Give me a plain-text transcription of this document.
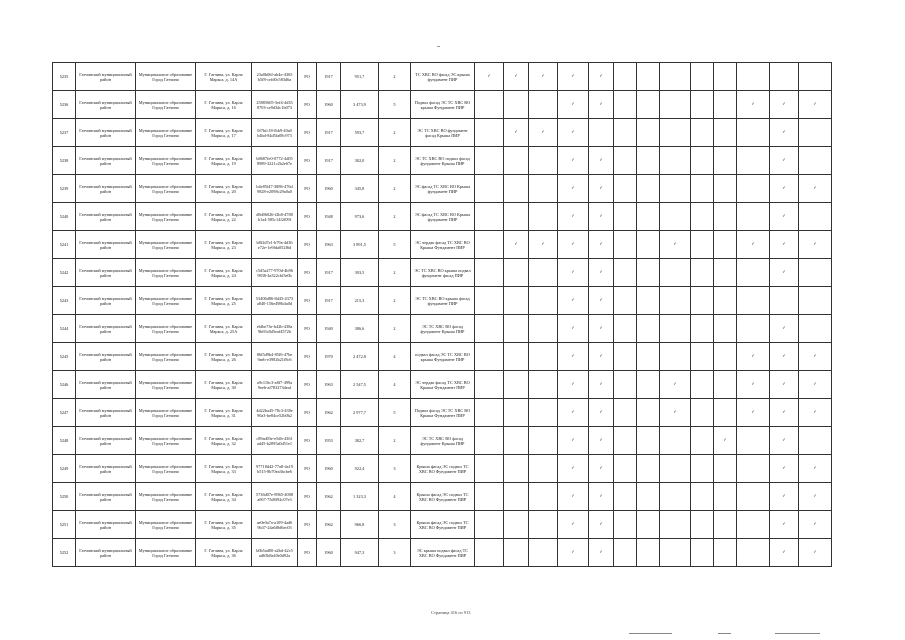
5235	Гатчинский муниципальный район	Муниципальное образование Город Гатчина	Г. Гатчина, ул. Карла Маркса, д. 14А	23a0b06f-ab4e-4365 b5f8-cefd0c583d6a	РО	1917	951,7	2	ТС ХВС ВО фасад ЭС крыша фундамент ПИР	✓	✓	✓	✓	✓								
5236	Гатчинский муниципальный район	Муниципальное образование Город Гатчина	Г. Гатчина, ул. Карла Маркса, д. 16	25885605-5ef4-4d35 8703-ce9d3dc1b073	РО	1960	3 473,9	5	Подвал фасад ЭС ТС ХВС ВО крыша Фундамент ПИР				✓	✓						✓	✓	✓
5237	Гатчинский муниципальный район	Муниципальное образование Город Гатчина	Г. Гатчина, ул. Карла Маркса, д. 17	0f7bfc18-fbb9-40a0 b4bd-84d5fa08c973	РО	1917	593,7	2	ЭС ТС ХВС ВО фундамент фасад Крыша ПИР		✓	✓	✓								✓	
5238	Гатчинский муниципальный район	Муниципальное образование Город Гатчина	Г. Гатчина, ул. Карла Маркса, д. 19	b8687fe0-0772-4d05 8989-3221c2b2e67e	РО	1917	302,0	2	ЭС ТС ХВС ВО подвал фасад фундамент Крыша ПИР				✓	✓							✓	
5239	Гатчинский муниципальный район	Муниципальное образование Город Гатчина	Г. Гатчина, ул. Карла Маркса, д. 20	b4e85f47-3886-476d 9828-e2098c29a0a0	РО	1960	345,8	2	ЭС фасад ТС ХВС ВО Крыша фундамент ПИР				✓	✓							✓	✓
5240	Гатчинский муниципальный район	Муниципальное образование Город Гатчина	Г. Гатчина, ул. Карла Маркса, д. 22	d8d06026-f2b8-4788 b1a4-585c14f2f09f	РО	1948	973,6	2	ЭС фасад ТС ХВС ВО Крыша фундамент ПИР				✓	✓							✓	
5241	Гатчинский муниципальный район	Муниципальное образование Город Гатчина	Г. Гатчина, ул. Карла Маркса, д. 23	b8f2d7e1-b79a-4d36 e72e-1e9fda052f6d	РО	1963	3 891,5	5	ЭС чердак фасад ТС ХВС ВО Крыша Фундамент ПИР		✓	✓	✓	✓			✓			✓	✓	✓
5242	Гатчинский муниципальный район	Муниципальное образование Город Гатчина	Г. Гатчина, ул. Карла Маркса, д. 24	c5d5a277-970d-4b96 9838-4a322cbf3e0b	РО	1917	393,5	2	ЭС ТС ХВС ВО крыша подвал фундамент фасад ПИР				✓	✓							✓	
5243	Гатчинский муниципальный район	Муниципальное образование Город Гатчина	Г. Гатчина, ул. Карла Маркса, д. 25	53406d86-8d45-4373 a840-156e498b4a0d	РО	1917	215,3	2	ЭС ТС ХВС ВО крыша фасад фундамент ПИР				✓	✓								
5244	Гатчинский муниципальный район	Муниципальное образование Город Гатчина	Г. Гатчина, ул. Карла Маркса, д. 25А	ebfbe73e-b42b-438a 9b65c8d5eaf4572b	РО	1940	386,6	2	ЭС ТС ХВС ВО фасад фундамент Крыша ПИР				✓	✓							✓	
5245	Гатчинский муниципальный район	Муниципальное образование Город Гатчина	Г. Гатчина, ул. Карла Маркса, д. 26	86f5d9b4-85f6-47be 9aeb-e3982b21f8c6	РО	1970	2 472,8	4	подвал фасад ЭС ТС ХВС ВО крыша Фундамент ПИР				✓	✓						✓	✓	✓
5246	Гатчинский муниципальный район	Муниципальное образование Город Гатчина	Г. Гатчина, ул. Карла Маркса, д. 30	a9c116c3-a8f7-499a 9eeb-af783273deaf	РО	1963	2 547,5	4	ЭС чердак фасад ТС ХВС ВО Крыша Фундамент ПИР				✓	✓			✓			✓	✓	✓
5247	Гатчинский муниципальный район	Муниципальное образование Город Гатчина	Г. Гатчина, ул. Карла Маркса, д. 31	4d22ba45-78c3-430e 90a3-be84ce52b0b2	РО	1962	2 977,7	5	Подвал фасад ЭС ТС ХВС ВО Крыша Фундамент ПИР				✓	✓			✓			✓	✓	✓
5248	Гатчинский муниципальный район	Муниципальное образование Город Гатчина	Г. Гатчина, ул. Карла Маркса, д. 32	c89ad03e-e5db-4361 ad45-b2095a0d51e1	РО	1953	382,7	2	ЭС ТС ХВС ВО фасад фундамент Крыша ПИР				✓	✓					✓		✓	
5249	Гатчинский муниципальный район	Муниципальное образование Город Гатчина	Г. Гатчина, ул. Карла Маркса, д. 33	97718d42-77a8-4a19 b515-8b70ea3bcbe6	РО	1960	922,4	3	Крыша фасад ЭС подвал ТС ХВС ВО Фундамент ПИР				✓	✓							✓	✓
5250	Гатчинский муниципальный район	Муниципальное образование Город Гатчина	Г. Гатчина, ул. Карла Маркса, д. 34	5736d07e-8965-4008 a067-75d8f92c07e3	РО	1962	1 323,3	4	Крыша фасад ЭС подвал ТС ХВС ВО Фундамент ПИР				✓	✓							✓	✓
5251	Гатчинский муниципальный район	Муниципальное образование Город Гатчина	Г. Гатчина, ул. Карла Маркса, д. 35	ae0e0a7a-a109-4ad6 9b37-24a6f8d6ec03	РО	1962	966,8	3	Крыша фасад ЭС подвал ТС ХВС ВО Фундамент ПИР				✓	✓							✓	✓
5252	Гатчинский муниципальный район	Муниципальное образование Город Гатчина	Г. Гатчина, ул. Карла Маркса, д. 36	b0b5ad00-a2bd-42c5 ad65b8a40e0d92a	РО	1960	947,3	3	ЭС крыша подвал фасад ТС ХВС ВО Фундамент ПИР				✓	✓							✓	✓
Страница 416 из 913
